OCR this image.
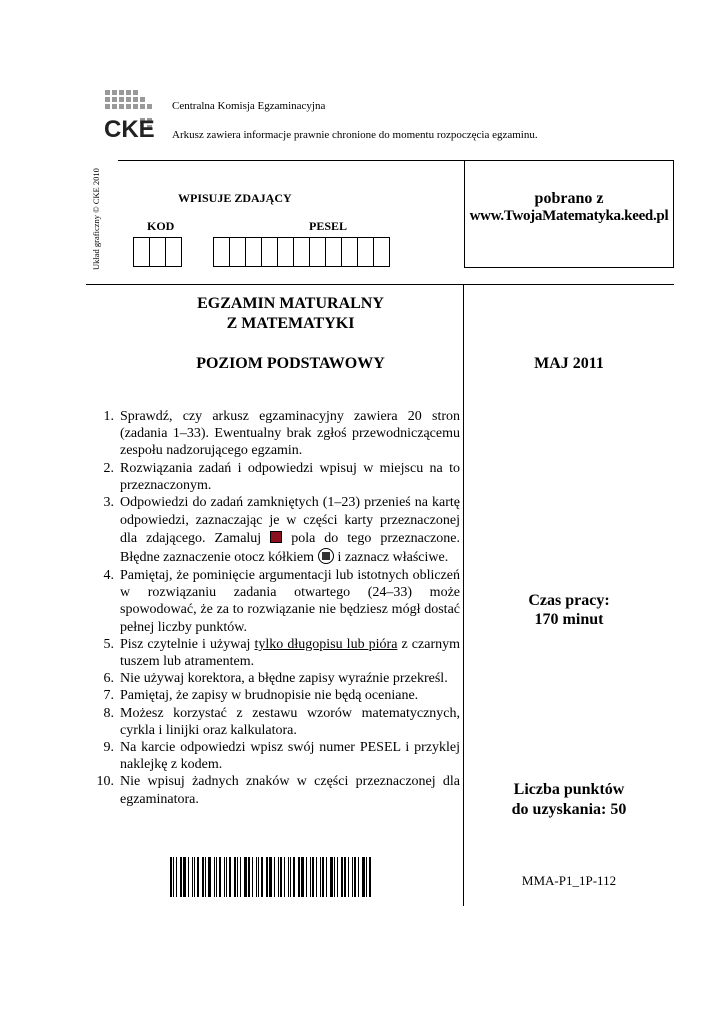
CKE
Centralna Komisja Egzaminacyjna
Arkusz zawiera informacje prawnie chronione do momentu rozpoczęcia egzaminu.
Układ graficzny © CKE 2010	WPISUJE ZDAJĄCY
KOD	PESEL
pobrano z
www.TwojaMatematyka.keed.pl
EGZAMIN MATURALNY
Z MATEMATYKI
POZIOM PODSTAWOWY	MAJ 2011
1. Sprawdź, czy arkusz egzaminacyjny zawiera 20 stron (zadania 1–33). Ewentualny brak zgłoś przewodniczącemu zespołu nadzorującego egzamin.
2. Rozwiązania zadań i odpowiedzi wpisuj w miejscu na to przeznaczonym.
3. Odpowiedzi do zadań zamkniętych (1–23) przenieś na kartę odpowiedzi, zaznaczając je w części karty przeznaczonej dla zdającego. Zamaluj pola do tego przeznaczone. Błędne zaznaczenie otocz kółkiem i zaznacz właściwe.
4. Pamiętaj, że pominięcie argumentacji lub istotnych obliczeń w rozwiązaniu zadania otwartego (24–33) może spowodować, że za to rozwiązanie nie będziesz mógł dostać pełnej liczby punktów.
5. Pisz czytelnie i używaj tylko długopisu lub pióra z czarnym tuszem lub atramentem.
6. Nie używaj korektora, a błędne zapisy wyraźnie przekreśl.
7. Pamiętaj, że zapisy w brudnopisie nie będą oceniane.
8. Możesz korzystać z zestawu wzorów matematycznych, cyrkla i linijki oraz kalkulatora.
9. Na karcie odpowiedzi wpisz swój numer PESEL i przyklej naklejkę z kodem.
10. Nie wpisuj żadnych znaków w części przeznaczonej dla egzaminatora.
Czas pracy:
170 minut
Liczba punktów
do uzyskania: 50
MMA-P1_1P-112
